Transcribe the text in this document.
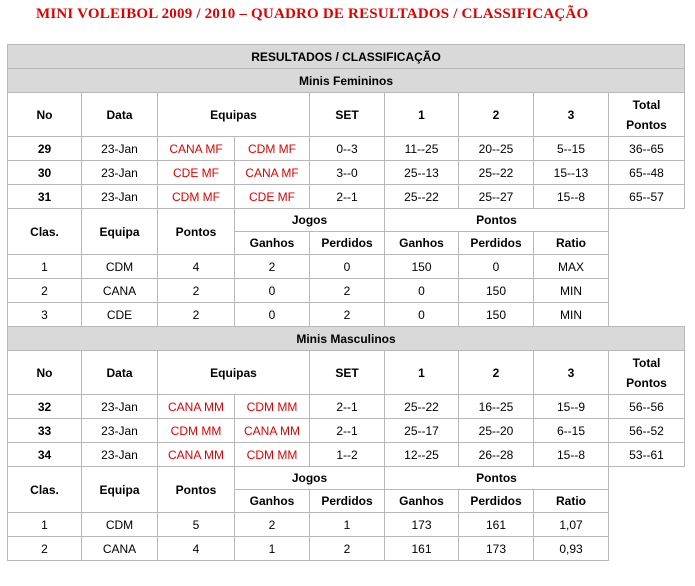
MINI VOLEIBOL 2009 / 2010 – QUADRO DE RESULTADOS / CLASSIFICAÇÃO
RESULTADOS / CLASSIFICAÇÃO								
Minis Femininos								
No	Data	Equipas		SET	1	2	3	Total
Pontos

29	23-Jan	CANA MF	CDM MF	0--3	11--25	20--25	5--15	36--65
30	23-Jan	CDE MF	CANA MF	3--0	25--13	25--22	15--13	65--48
31	23-Jan	CDM MF	CDE MF	2--1	25--22	25--27	15--8	65--57
Clas.	Equipa	Pontos	Jogos		Pontos			
			Ganhos	Perdidos	Ganhos	Perdidos	Ratio	
1	CDM	4	2	0	150	0	MAX	
2	CANA	2	0	2	0	150	MIN	
3	CDE	2	0	2	0	150	MIN	
Minis Masculinos								
No	Data	Equipas		SET	1	2	3	Total
Pontos

32	23-Jan	CANA MM	CDM MM	2--1	25--22	16--25	15--9	56--56
33	23-Jan	CDM MM	CANA MM	2--1	25--17	25--20	6--15	56--52
34	23-Jan	CANA MM	CDM MM	1--2	12--25	26--28	15--8	53--61
Clas.	Equipa	Pontos	Jogos		Pontos			
			Ganhos	Perdidos	Ganhos	Perdidos	Ratio	
1	CDM	5	2	1	173	161	1,07	
2	CANA	4	1	2	161	173	0,93	
